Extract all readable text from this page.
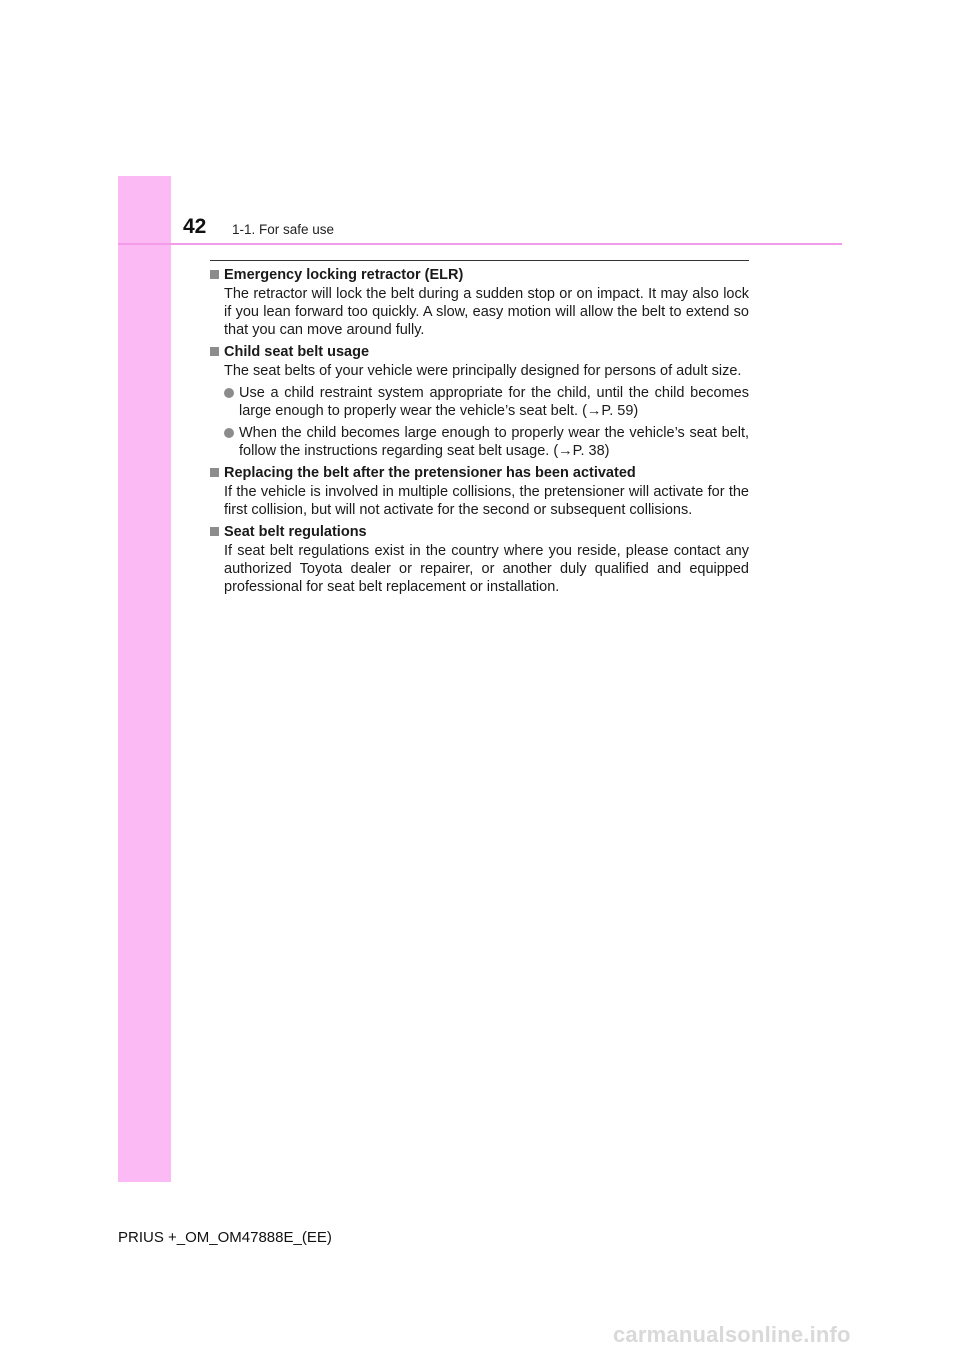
42 1-1. For safe use
Emergency locking retractor (ELR)
The retractor will lock the belt during a sudden stop or on impact. It may also lock if you lean forward too quickly. A slow, easy motion will allow the belt to extend so that you can move around fully.
Child seat belt usage
The seat belts of your vehicle were principally designed for persons of adult size.
Use a child restraint system appropriate for the child, until the child becomes large enough to properly wear the vehicle’s seat belt. (→P. 59)
When the child becomes large enough to properly wear the vehicle’s seat belt, follow the instructions regarding seat belt usage. (→P. 38)
Replacing the belt after the pretensioner has been activated
If the vehicle is involved in multiple collisions, the pretensioner will activate for the first collision, but will not activate for the second or subsequent collisions.
Seat belt regulations
If seat belt regulations exist in the country where you reside, please contact any authorized Toyota dealer or repairer, or another duly qualified and equipped professional for seat belt replacement or installation.
PRIUS +_OM_OM47888E_(EE)
carmanualsonline.info
